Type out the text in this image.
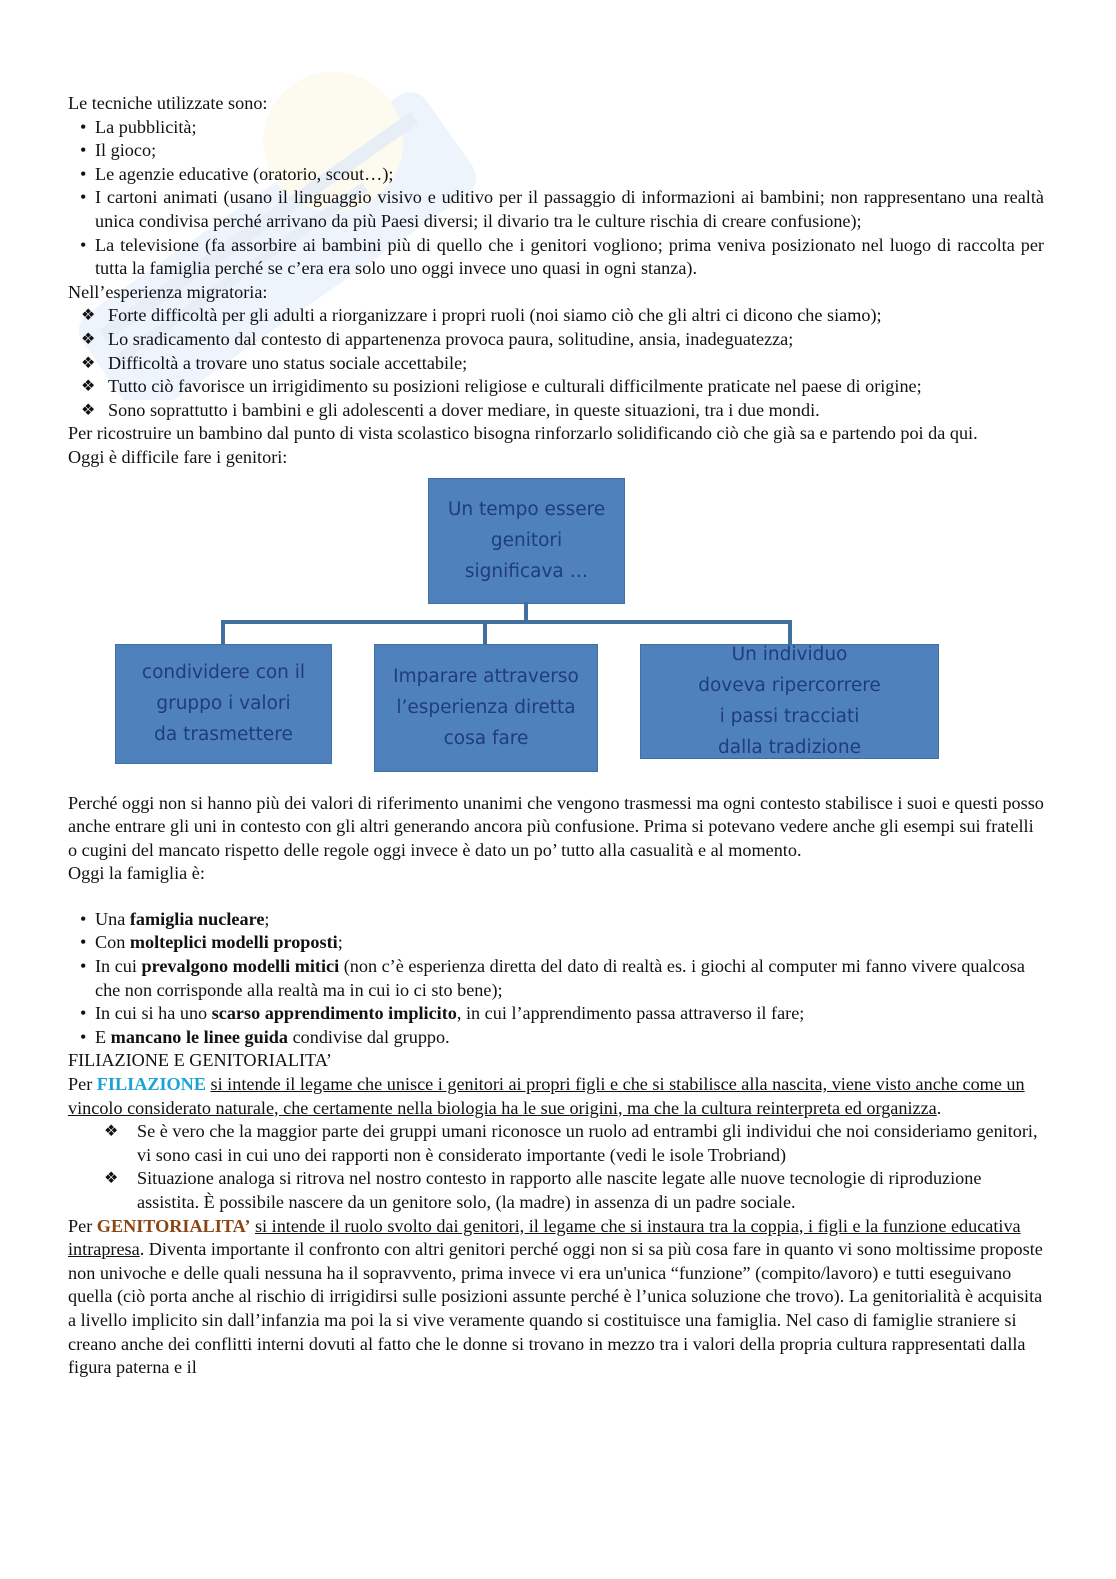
Le tecniche utilizzate sono:

• La pubblicità;
• Il gioco;
• Le agenzie educative (oratorio, scout…);
• I cartoni animati (usano il linguaggio visivo e uditivo per il passaggio di informazioni ai bambini; non rappresentano una realtà unica condivisa perché arrivano da più Paesi diversi; il divario tra le culture rischia di creare confusione);
• La televisione (fa assorbire ai bambini più di quello che i genitori vogliono; prima veniva posizionato nel luogo di raccolta per tutta la famiglia perché se c’era era solo uno oggi invece uno quasi in ogni stanza).

Nell’esperienza migratoria:

❖ Forte difficoltà per gli adulti a riorganizzare i propri ruoli (noi siamo ciò che gli altri ci dicono che siamo);
❖ Lo sradicamento dal contesto di appartenenza provoca paura, solitudine, ansia, inadeguatezza;
❖ Difficoltà a trovare uno status sociale accettabile;
❖ Tutto ciò favorisce un irrigidimento su posizioni religiose e culturali difficilmente praticate nel paese di origine;
❖ Sono soprattutto i bambini e gli adolescenti a dover mediare, in queste situazioni, tra i due mondi.

Per ricostruire un bambino dal punto di vista scolastico bisogna rinforzarlo solidificando ciò che già sa e partendo poi da qui.

Oggi è difficile fare i genitori:

Un tempo essere
genitori
significava …
condividere con il
gruppo i valori
da trasmettere
Imparare attraverso
l’esperienza diretta
cosa fare
Un individuo
doveva ripercorrere
i passi tracciati
dalla tradizione

Perché oggi non si hanno più dei valori di riferimento unanimi che vengono trasmessi ma ogni contesto stabilisce i suoi e questi posso anche entrare gli uni in contesto con gli altri generando ancora più confusione. Prima si potevano vedere anche gli esempi sui fratelli o cugini del mancato rispetto delle regole oggi invece è dato un po’ tutto alla casualità e al momento.

Oggi la famiglia è:

• Una famiglia nucleare;
• Con molteplici modelli proposti;
• In cui prevalgono modelli mitici (non c’è esperienza diretta del dato di realtà es. i giochi al computer mi fanno vivere qualcosa che non corrisponde alla realtà ma in cui io ci sto bene);
• In cui si ha uno scarso apprendimento implicito, in cui l’apprendimento passa attraverso il fare;
• E mancano le linee guida condivise dal gruppo.

FILIAZIONE E GENITORIALITA’

Per FILIAZIONE si intende il legame che unisce i genitori ai propri figli e che si stabilisce alla nascita, viene visto anche come un vincolo considerato naturale, che certamente nella biologia ha le sue origini, ma che la cultura reinterpreta ed organizza.

❖ Se è vero che la maggior parte dei gruppi umani riconosce un ruolo ad entrambi gli individui che noi consideriamo genitori, vi sono casi in cui uno dei rapporti non è considerato importante (vedi le isole Trobriand)
❖ Situazione analoga si ritrova nel nostro contesto in rapporto alle nascite legate alle nuove tecnologie di riproduzione assistita. È possibile nascere da un genitore solo, (la madre) in assenza di un padre sociale.

Per GENITORIALITA’ si intende il ruolo svolto dai genitori, il legame che si instaura tra la coppia, i figli e la funzione educativa intrapresa. Diventa importante il confronto con altri genitori perché oggi non si sa più cosa fare in quanto vi sono moltissime proposte non univoche e delle quali nessuna ha il sopravvento, prima invece vi era un'unica “funzione” (compito/lavoro) e tutti eseguivano quella (ciò porta anche al rischio di irrigidirsi sulle posizioni assunte perché è l’unica soluzione che trovo). La genitorialità è acquisita a livello implicito sin dall’infanzia ma poi la si vive veramente quando si costituisce una famiglia. Nel caso di famiglie straniere si creano anche dei conflitti interni dovuti al fatto che le donne si trovano in mezzo tra i valori della propria cultura rappresentati dalla figura paterna e il
